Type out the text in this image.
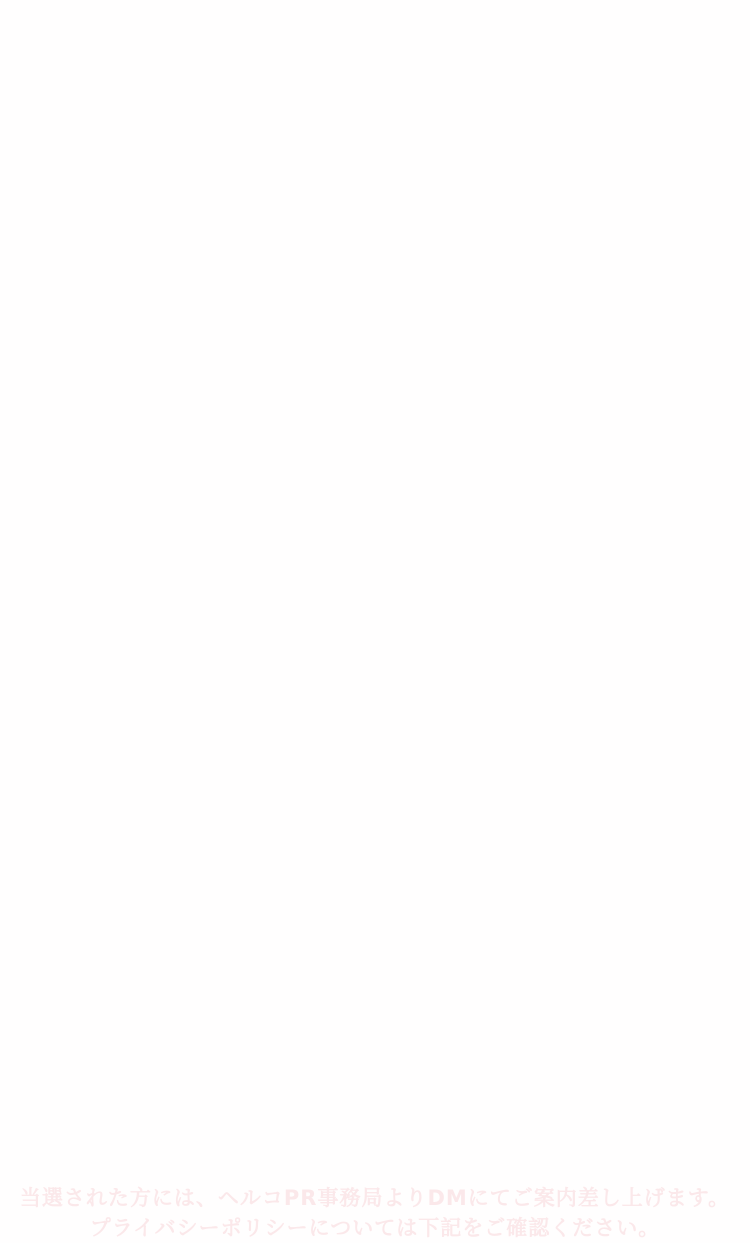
当選された方には、ヘルコPR事務局よりDMにてご案内差し上げます。
プライバシーポリシーについては下記をご確認ください。
